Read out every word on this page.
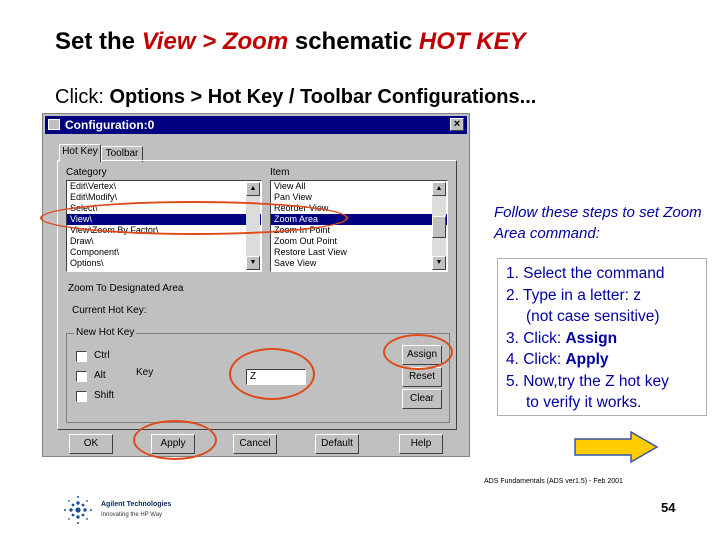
Set the View > Zoom schematic HOT KEY
Click: Options > Hot Key / Toolbar Configurations...
Configuration:0	×
Hot Key Toolbar
Category
Edit\Vertex\
Edit\Modify\
Select\
View\
View\Zoom By Factor\
Draw\
Component\
Options\
▲
▼
Item
View All
Pan View
Reorder View
Zoom Area
Zoom In Point
Zoom Out Point
Restore Last View
Save View
▲
▼
Zoom To Designated Area
Current Hot Key:
New Hot Key
Ctrl
Alt
Shift
Key	Z
Assign
Reset
Clear
OK	Apply	Cancel	Default	Help
Follow these steps to set Zoom Area command:
1. Select the command
2. Type in a letter: z
(not case sensitive)
3. Click: Assign
4. Click: Apply
5. Now,try the Z hot key
to verify it works.
ADS Fundamentals (ADS ver1.5) - Feb 2001
54
Agilent Technologies
Innovating the HP Way
